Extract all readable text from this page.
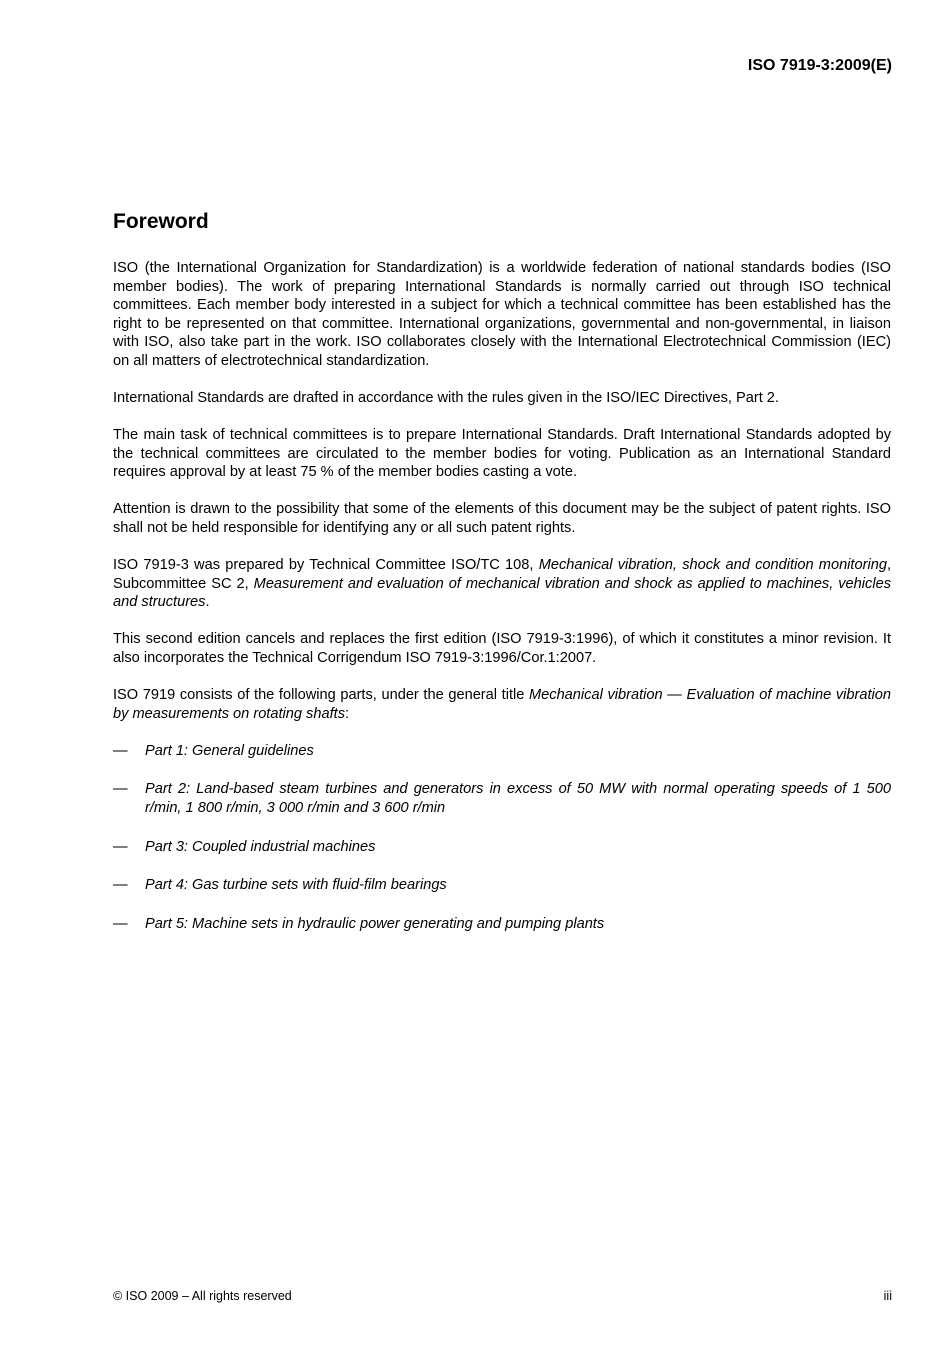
ISO 7919-3:2009(E)
Foreword

ISO (the International Organization for Standardization) is a worldwide federation of national standards bodies (ISO member bodies). The work of preparing International Standards is normally carried out through ISO technical committees. Each member body interested in a subject for which a technical committee has been established has the right to be represented on that committee. International organizations, governmental and non-governmental, in liaison with ISO, also take part in the work. ISO collaborates closely with the International Electrotechnical Commission (IEC) on all matters of electrotechnical standardization.

International Standards are drafted in accordance with the rules given in the ISO/IEC Directives, Part 2.

The main task of technical committees is to prepare International Standards. Draft International Standards adopted by the technical committees are circulated to the member bodies for voting. Publication as an International Standard requires approval by at least 75 % of the member bodies casting a vote.

Attention is drawn to the possibility that some of the elements of this document may be the subject of patent rights. ISO shall not be held responsible for identifying any or all such patent rights.

ISO 7919-3 was prepared by Technical Committee ISO/TC 108, Mechanical vibration, shock and condition monitoring, Subcommittee SC 2, Measurement and evaluation of mechanical vibration and shock as applied to machines, vehicles and structures.

This second edition cancels and replaces the first edition (ISO 7919-3:1996), of which it constitutes a minor revision. It also incorporates the Technical Corrigendum ISO 7919-3:1996/Cor.1:2007.

ISO 7919 consists of the following parts, under the general title Mechanical vibration — Evaluation of machine vibration by measurements on rotating shafts:

— Part 1: General guidelines
— Part 2: Land-based steam turbines and generators in excess of 50 MW with normal operating speeds of 1 500 r/min, 1 800 r/min, 3 000 r/min and 3 600 r/min
— Part 3: Coupled industrial machines
— Part 4: Gas turbine sets with fluid-film bearings
— Part 5: Machine sets in hydraulic power generating and pumping plants
© ISO 2009 – All rights reserved	iii
